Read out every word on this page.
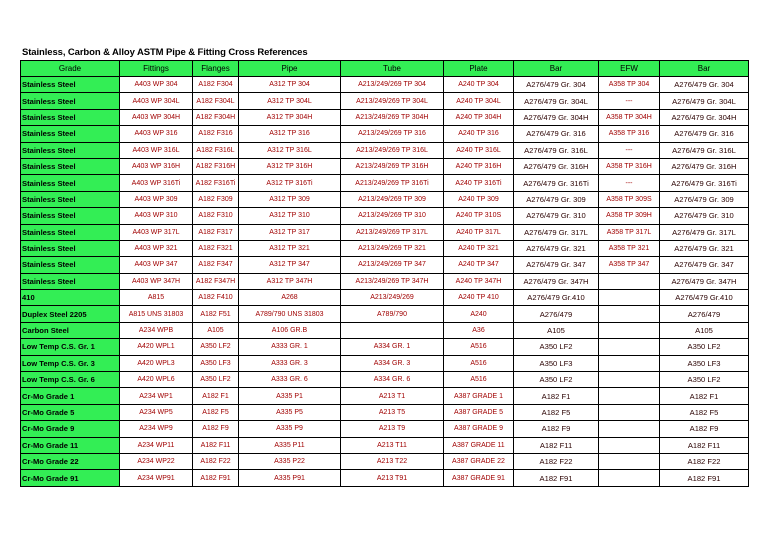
Stainless, Carbon & Alloy ASTM Pipe & Fitting Cross References
Grade	Fittings	Flanges	Pipe	Tube	Plate	Bar	EFW	Bar
Stainless Steel	A403 WP 304	A182 F304	A312 TP 304	A213/249/269 TP 304	A240 TP 304	A276/479 Gr. 304	A358 TP 304	A276/479 Gr. 304
Stainless Steel	A403 WP 304L	A182 F304L	A312 TP 304L	A213/249/269 TP 304L	A240 TP 304L	A276/479 Gr. 304L	---	A276/479 Gr. 304L
Stainless Steel	A403 WP 304H	A182 F304H	A312 TP 304H	A213/249/269 TP 304H	A240 TP 304H	A276/479 Gr. 304H	A358 TP 304H	A276/479 Gr. 304H
Stainless Steel	A403 WP 316	A182 F316	A312 TP 316	A213/249/269 TP 316	A240 TP 316	A276/479 Gr. 316	A358 TP 316	A276/479 Gr. 316
Stainless Steel	A403 WP 316L	A182 F316L	A312 TP 316L	A213/249/269 TP 316L	A240 TP 316L	A276/479 Gr. 316L	---	A276/479 Gr. 316L
Stainless Steel	A403 WP 316H	A182 F316H	A312 TP 316H	A213/249/269 TP 316H	A240 TP 316H	A276/479 Gr. 316H	A358 TP 316H	A276/479 Gr. 316H
Stainless Steel	A403 WP 316Ti	A182 F316Ti	A312 TP 316Ti	A213/249/269 TP 316Ti	A240 TP 316Ti	A276/479 Gr. 316Ti	---	A276/479 Gr. 316Ti
Stainless Steel	A403 WP 309	A182 F309	A312 TP 309	A213/249/269 TP 309	A240 TP 309	A276/479 Gr. 309	A358 TP 309S	A276/479 Gr. 309
Stainless Steel	A403 WP 310	A182 F310	A312 TP 310	A213/249/269 TP 310	A240 TP 310S	A276/479 Gr. 310	A358 TP 309H	A276/479 Gr. 310
Stainless Steel	A403 WP 317L	A182 F317	A312 TP 317	A213/249/269 TP 317L	A240 TP 317L	A276/479 Gr. 317L	A358 TP 317L	A276/479 Gr. 317L
Stainless Steel	A403 WP 321	A182 F321	A312 TP 321	A213/249/269 TP 321	A240 TP 321	A276/479 Gr. 321	A358 TP 321	A276/479 Gr. 321
Stainless Steel	A403 WP 347	A182 F347	A312 TP 347	A213/249/269 TP 347	A240 TP 347	A276/479 Gr. 347	A358 TP 347	A276/479 Gr. 347
Stainless Steel	A403 WP 347H	A182 F347H	A312 TP 347H	A213/249/269 TP 347H	A240 TP 347H	A276/479 Gr. 347H		A276/479 Gr. 347H
410	A815	A182 F410	A268	A213/249/269	A240 TP 410	A276/479 Gr.410		A276/479 Gr.410
Duplex Steel 2205	A815 UNS 31803	A182 F51	A789/790 UNS 31803	A789/790	A240	A276/479		A276/479
Carbon Steel	A234 WPB	A105	A106 GR.B		A36	A105		A105
Low Temp C.S. Gr. 1	A420 WPL1	A350 LF2	A333 GR. 1	A334 GR. 1	A516	A350 LF2		A350 LF2
Low Temp C.S. Gr. 3	A420 WPL3	A350 LF3	A333 GR. 3	A334 GR. 3	A516	A350 LF3		A350 LF3
Low Temp C.S. Gr. 6	A420 WPL6	A350 LF2	A333 GR. 6	A334 GR. 6	A516	A350 LF2		A350 LF2
Cr-Mo Grade 1	A234 WP1	A182 F1	A335 P1	A213 T1	A387 GRADE 1	A182 F1		A182 F1
Cr-Mo Grade 5	A234 WP5	A182 F5	A335 P5	A213 T5	A387 GRADE 5	A182 F5		A182 F5
Cr-Mo Grade 9	A234 WP9	A182 F9	A335 P9	A213 T9	A387 GRADE 9	A182 F9		A182 F9
Cr-Mo Grade 11	A234 WP11	A182 F11	A335 P11	A213 T11	A387 GRADE 11	A182 F11		A182 F11
Cr-Mo Grade 22	A234 WP22	A182 F22	A335 P22	A213 T22	A387 GRADE 22	A182 F22		A182 F22
Cr-Mo Grade 91	A234 WP91	A182 F91	A335 P91	A213 T91	A387 GRADE 91	A182 F91		A182 F91
